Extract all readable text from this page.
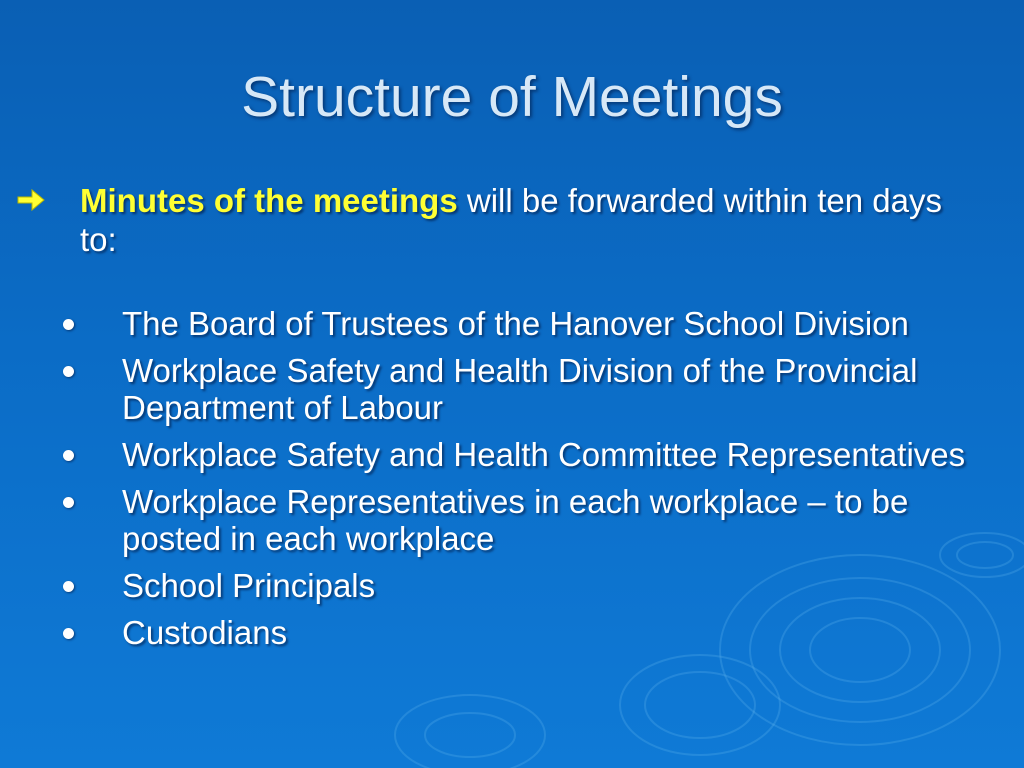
Structure of Meetings
Minutes of the meetings will be forwarded within ten days to:
The Board of Trustees of the Hanover School Division
Workplace Safety and Health Division of the Provincial Department of Labour
Workplace Safety and Health Committee Representatives
Workplace Representatives in each workplace – to be posted in each workplace
School Principals
Custodians
